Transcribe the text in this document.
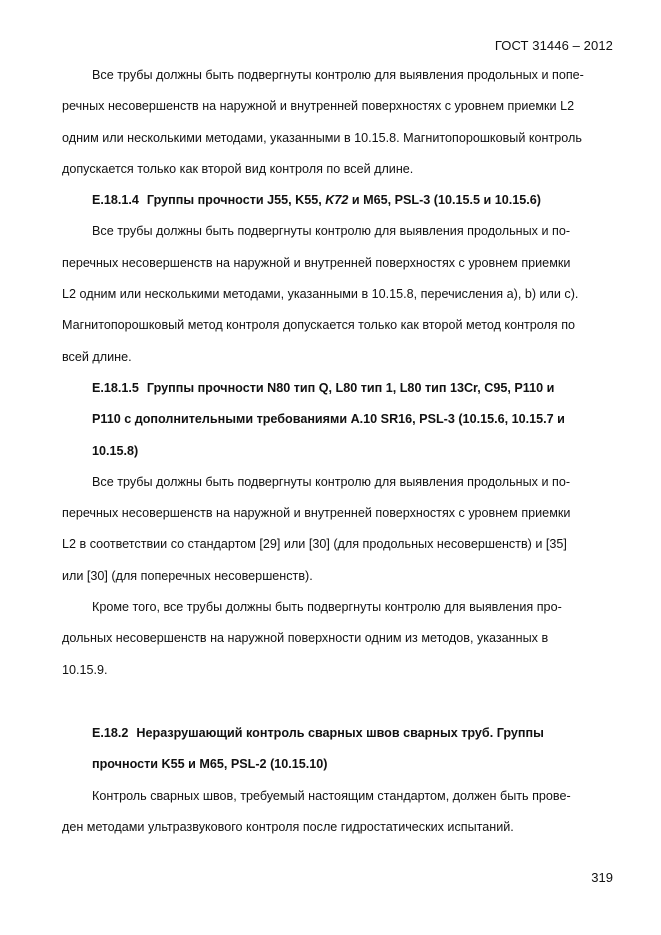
ГОСТ 31446 – 2012
Все трубы должны быть подвергнуты контролю для выявления продольных и попе-
речных несовершенств на наружной и внутренней поверхностях с уровнем приемки L2
одним или несколькими методами, указанными в 10.15.8. Магнитопорошковый контроль
допускается только как второй вид контроля по всей длине.
E.18.1.4 Группы прочности J55, K55, K72 и M65, PSL-3 (10.15.5 и 10.15.6)
Все трубы должны быть подвергнуты контролю для выявления продольных и по-
перечных несовершенств на наружной и внутренней поверхностях с уровнем приемки
L2 одним или несколькими методами, указанными в 10.15.8, перечисления a), b) или c).
Магнитопорошковый метод контроля допускается только как второй метод контроля по
всей длине.
E.18.1.5 Группы прочности N80 тип Q, L80 тип 1, L80 тип 13Cr, C95, P110 и
P110 с дополнительными требованиями A.10 SR16, PSL-3 (10.15.6, 10.15.7 и
10.15.8)
Все трубы должны быть подвергнуты контролю для выявления продольных и по-
перечных несовершенств на наружной и внутренней поверхностях с уровнем приемки
L2 в соответствии со стандартом [29] или [30] (для продольных несовершенств) и [35]
или [30] (для поперечных несовершенств).
Кроме того, все трубы должны быть подвергнуты контролю для выявления про-
дольных несовершенств на наружной поверхности одним из методов, указанных в
10.15.9.
E.18.2 Неразрушающий контроль сварных швов сварных труб. Группы
прочности K55 и M65, PSL-2 (10.15.10)
Контроль сварных швов, требуемый настоящим стандартом, должен быть прове-
ден методами ультразвукового контроля после гидростатических испытаний.
319
